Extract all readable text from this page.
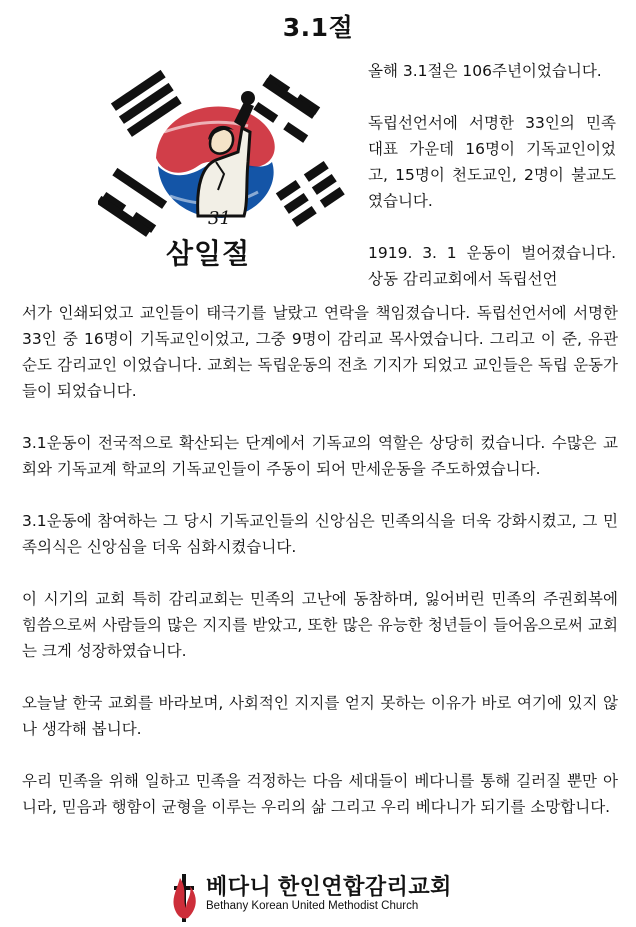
3.1절
31
삼일절

올해 3.1절은 106주년이었습니다.

독립선언서에 서명한 33인의 민족 대표 가운데 16명이 기독교인이었고, 15명이 천도교인, 2명이 불교도였습니다.

1919. 3. 1 운동이 벌어졌습니다. 상동 감리교회에서 독립선언

서가 인쇄되었고 교인들이 태극기를 날랐고 연락을 책임졌습니다. 독립선언서에 서명한 33인 중 16명이 기독교인이었고, 그중 9명이 감리교 목사였습니다. 그리고 이 준, 유관순도 감리교인 이었습니다. 교회는 독립운동의 전초 기지가 되었고 교인들은 독립 운동가들이 되었습니다.

3.1운동이 전국적으로 확산되는 단계에서 기독교의 역할은 상당히 컸습니다. 수많은 교회와 기독교계 학교의 기독교인들이 주동이 되어 만세운동을 주도하였습니다.

3.1운동에 참여하는 그 당시 기독교인들의 신앙심은 민족의식을 더욱 강화시켰고, 그 민족의식은 신앙심을 더욱 심화시켰습니다.

이 시기의 교회 특히 감리교회는 민족의 고난에 동참하며, 잃어버린 민족의 주권회복에 힘씀으로써 사람들의 많은 지지를 받았고, 또한 많은 유능한 청년들이 들어옴으로써 교회는 크게 성장하였습니다.

오늘날 한국 교회를 바라보며, 사회적인 지지를 얻지 못하는 이유가 바로 여기에 있지 않나 생각해 봅니다.

우리 민족을 위해 일하고 민족을 걱정하는 다음 세대들이 베다니를 통해 길러질 뿐만 아니라, 믿음과 행함이 균형을 이루는 우리의 삶 그리고 우리 베다니가 되기를 소망합니다.

베다니 한인연합감리교회
Bethany Korean United Methodist Church
